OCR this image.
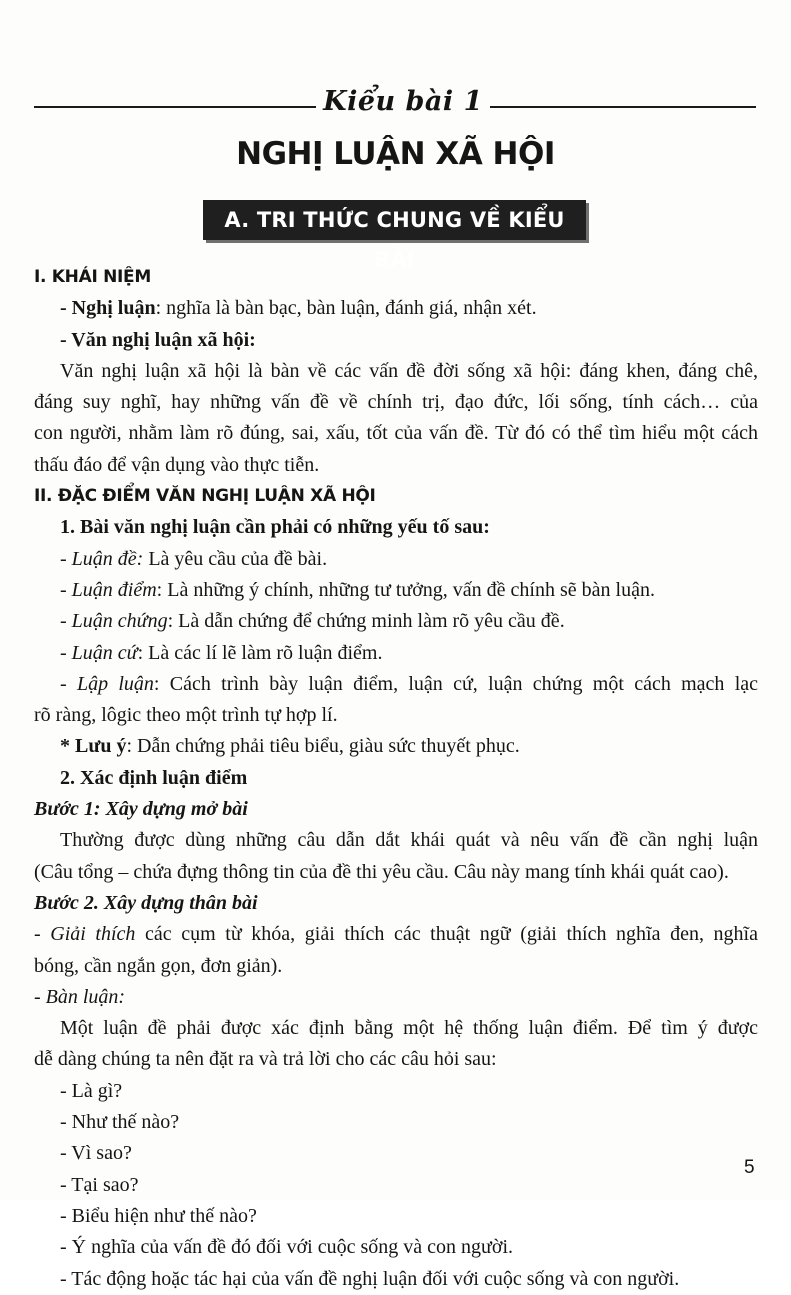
Kiểu bài 1
NGHỊ LUẬN XÃ HỘI
A. TRI THỨC CHUNG VỀ KIỂU BÀI
I. KHÁI NIỆM
- Nghị luận: nghĩa là bàn bạc, bàn luận, đánh giá, nhận xét.
- Văn nghị luận xã hội:
Văn nghị luận xã hội là bàn về các vấn đề đời sống xã hội: đáng khen, đáng chê,
đáng suy nghĩ, hay những vấn đề về chính trị, đạo đức, lối sống, tính cách… của
con người, nhằm làm rõ đúng, sai, xấu, tốt của vấn đề. Từ đó có thể tìm hiểu một cách
thấu đáo để vận dụng vào thực tiễn.
II. ĐẶC ĐIỂM VĂN NGHỊ LUẬN XÃ HỘI
1. Bài văn nghị luận cần phải có những yếu tố sau:
- Luận đề: Là yêu cầu của đề bài.
- Luận điểm: Là những ý chính, những tư tưởng, vấn đề chính sẽ bàn luận.
- Luận chứng: Là dẫn chứng để chứng minh làm rõ yêu cầu đề.
- Luận cứ: Là các lí lẽ làm rõ luận điểm.
- Lập luận: Cách trình bày luận điểm, luận cứ, luận chứng một cách mạch lạc
rõ ràng, lôgic theo một trình tự hợp lí.
* Lưu ý: Dẫn chứng phải tiêu biểu, giàu sức thuyết phục.
2. Xác định luận điểm
Bước 1: Xây dựng mở bài
Thường được dùng những câu dẫn dắt khái quát và nêu vấn đề cần nghị luận
(Câu tổng – chứa đựng thông tin của đề thi yêu cầu. Câu này mang tính khái quát cao).
Bước 2. Xây dựng thân bài
- Giải thích các cụm từ khóa, giải thích các thuật ngữ (giải thích nghĩa đen, nghĩa
bóng, cần ngắn gọn, đơn giản).
- Bàn luận:
Một luận đề phải được xác định bằng một hệ thống luận điểm. Để tìm ý được
dễ dàng chúng ta nên đặt ra và trả lời cho các câu hỏi sau:
- Là gì?
- Như thế nào?
- Vì sao?
- Tại sao?
- Biểu hiện như thế nào?
- Ý nghĩa của vấn đề đó đối với cuộc sống và con người.
- Tác động hoặc tác hại của vấn đề nghị luận đối với cuộc sống và con người.
5
